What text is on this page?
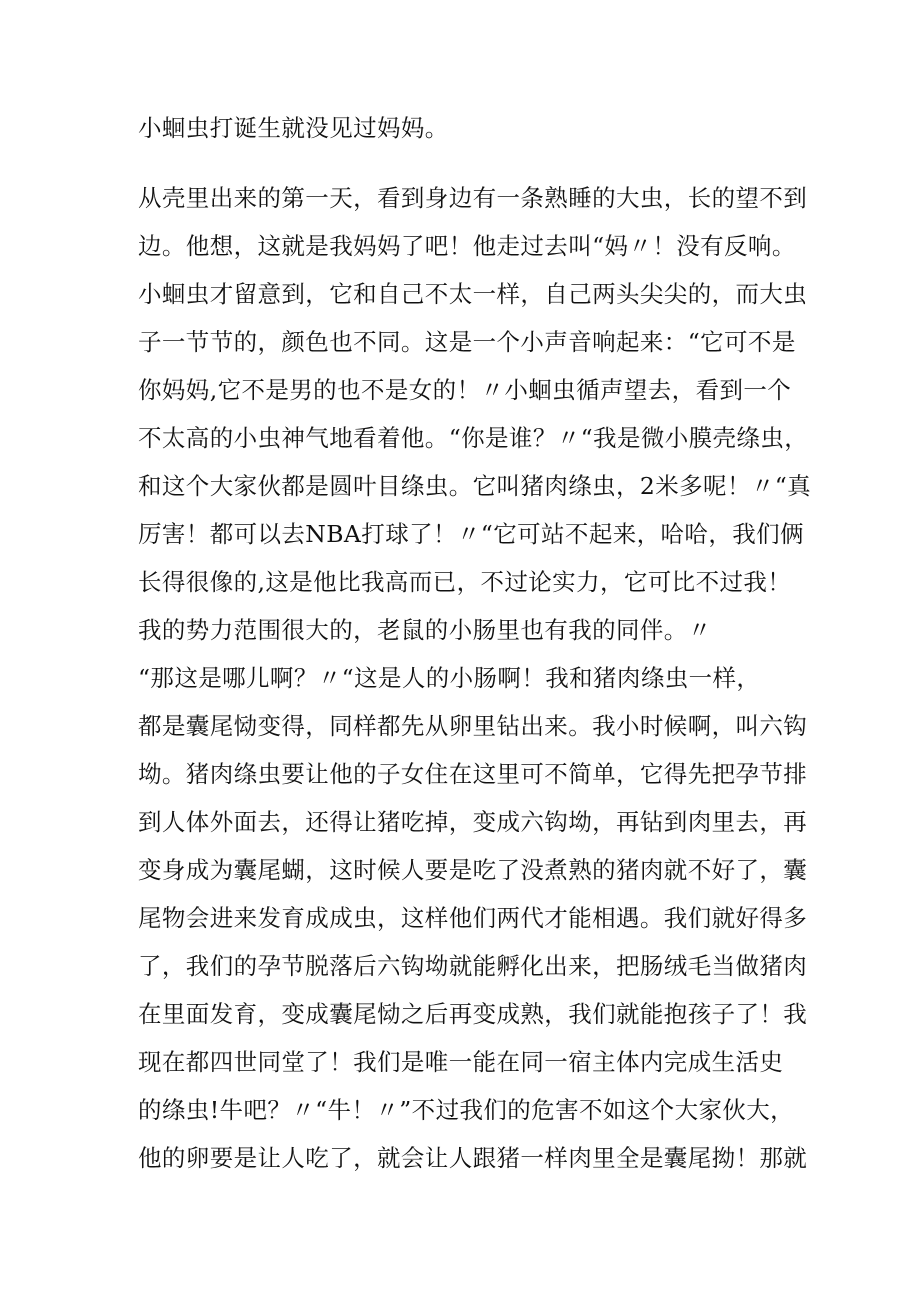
小蛔虫打诞生就没见过妈妈。
从壳里出来的第一天，看到身边有一条熟睡的大虫，长的望不到
边。他想，这就是我妈妈了吧！他走过去叫“妈〃！没有反响。
小蛔虫才留意到，它和自己不太一样，自己两头尖尖的，而大虫
子一节节的，颜色也不同。这是一个小声音响起来：“它可不是
你妈妈,它不是男的也不是女的！〃小蛔虫循声望去，看到一个
不太高的小虫神气地看着他。“你是谁？〃“我是微小膜壳绦虫，
和这个大家伙都是圆叶目绦虫。它叫猪肉绦虫，2米多呢！〃“真
厉害！都可以去NBA打球了！〃“它可站不起来，哈哈，我们俩
长得很像的,这是他比我高而已，不过论实力，它可比不过我！
我的势力范围很大的，老鼠的小肠里也有我的同伴。〃
“那这是哪儿啊？〃“这是人的小肠啊！我和猪肉绦虫一样，
都是囊尾恸变得，同样都先从卵里钻出来。我小时候啊，叫六钩
坳。猪肉绦虫要让他的子女住在这里可不简单，它得先把孕节排
到人体外面去，还得让猪吃掉，变成六钩坳，再钻到肉里去，再
变身成为囊尾蝴，这时候人要是吃了没煮熟的猪肉就不好了，囊
尾物会进来发育成成虫，这样他们两代才能相遇。我们就好得多
了，我们的孕节脱落后六钩坳就能孵化出来，把肠绒毛当做猪肉
在里面发育，变成囊尾恸之后再变成熟，我们就能抱孩子了！我
现在都四世同堂了！我们是唯一能在同一宿主体内完成生活史
的绦虫!牛吧？〃“牛！〃”不过我们的危害不如这个大家伙大，
他的卵要是让人吃了，就会让人跟猪一样肉里全是囊尾拗！那就
